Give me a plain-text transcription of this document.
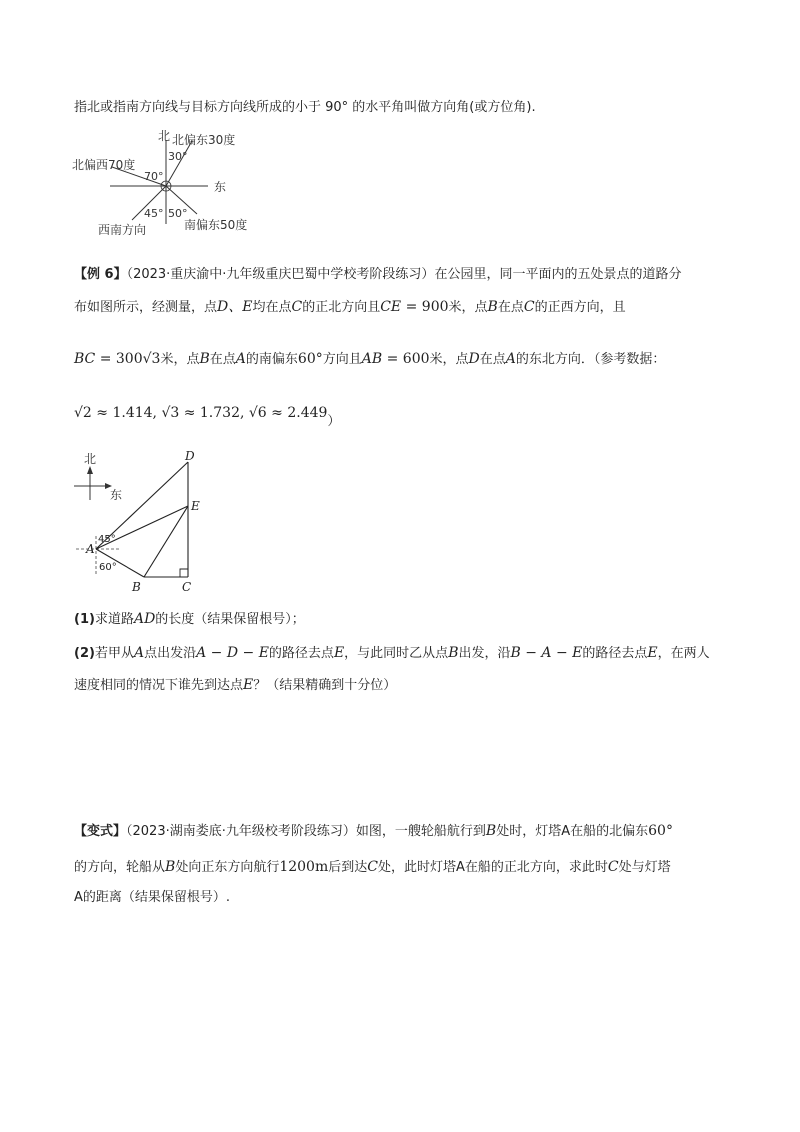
指北或指南方向线与目标方向线所成的小于 90° 的水平角叫做方向角(或方位角).
北 北偏东30度
30°
北偏西70度
70°
东
45° 50°
西南方向	南偏东50度
【例 6】（2023·重庆渝中·九年级重庆巴蜀中学校考阶段练习）在公园里，同一平面内的五处景点的道路分
布如图所示，经测量，点D、E均在点C的正北方向且CE = 900米，点B在点C的正西方向，且
BC = 300√3米，点B在点A的南偏东60°方向且AB = 600米，点D在点A的东北方向．（参考数据：
√2 ≈ 1.414, √3 ≈ 1.732, √6 ≈ 2.449）
北
东
D
E
A
B	C
45°
60°
(1)求道路AD的长度（结果保留根号）；
(2)若甲从A点出发沿A − D − E的路径去点E，与此同时乙从点B出发，沿B − A − E的路径去点E，在两人
速度相同的情况下谁先到达点E？（结果精确到十分位）
【变式】（2023·湖南娄底·九年级校考阶段练习）如图，一艘轮船航行到B处时，灯塔A在船的北偏东60°
的方向，轮船从B处向正东方向航行1200m后到达C处，此时灯塔A在船的正北方向，求此时C处与灯塔
A的距离（结果保留根号）.
